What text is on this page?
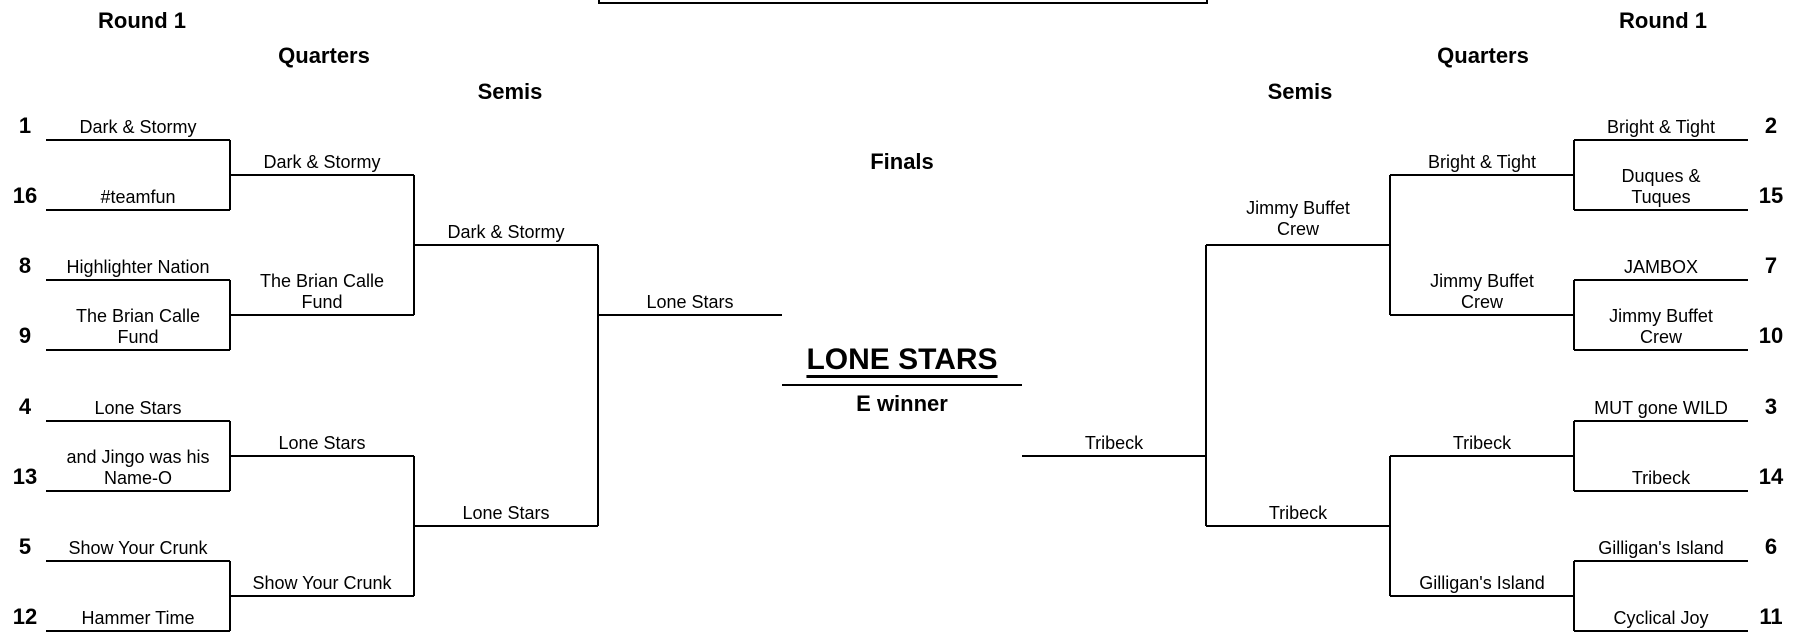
Round 1
Quarters
Semis
Finals
Semis
Quarters
Round 1
LONE STARS
E winner
1
16
8
9
4
13
5
12
Dark & Stormy
#teamfun
Highlighter Nation
The Brian Calle Fund
Lone Stars
and Jingo was his Name-O
Show Your Crunk
Hammer Time
Dark & Stormy
The Brian Calle Fund
Lone Stars
Show Your Crunk
Dark & Stormy
Lone Stars
Lone Stars
Tribeck
Jimmy Buffet Crew
Tribeck
Bright & Tight
Jimmy Buffet Crew
Tribeck
Gilligan's Island
Bright & Tight
Duques & Tuques
JAMBOX
Jimmy Buffet Crew
MUT gone WILD
Tribeck
Gilligan's Island
Cyclical Joy
2
15
7
10
3
14
6
11
